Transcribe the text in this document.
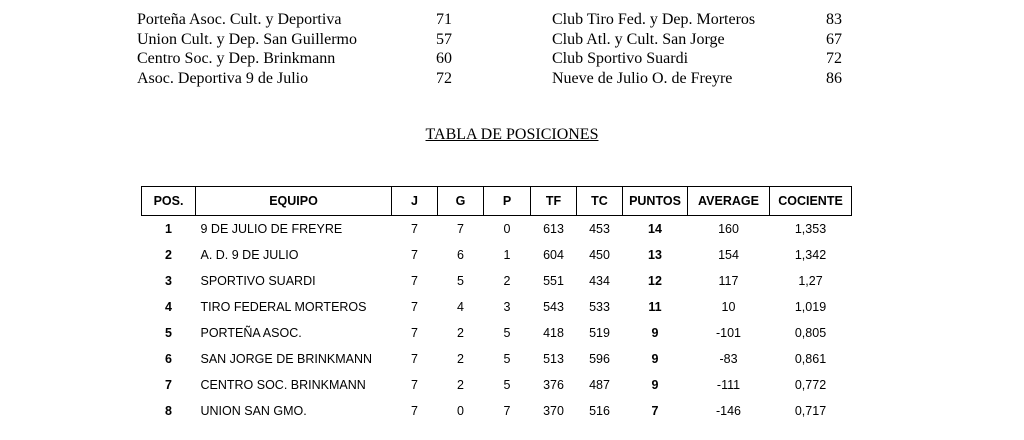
Porteña Asoc. Cult. y Deportiva	71
Union Cult. y Dep. San Guillermo	57
Centro Soc. y Dep. Brinkmann	60
Asoc. Deportiva 9 de Julio	72
Club Tiro Fed. y Dep. Morteros	83
Club Atl. y Cult. San Jorge	67
Club Sportivo Suardi	72
Nueve de Julio O. de Freyre	86
TABLA DE POSICIONES
POS.	EQUIPO	J	G	P	TF	TC	PUNTOS	AVERAGE	COCIENTE
1	9 DE JULIO DE FREYRE	7	7	0	613	453	14	160	1,353
2	A. D. 9 DE JULIO	7	6	1	604	450	13	154	1,342
3	SPORTIVO SUARDI	7	5	2	551	434	12	117	1,27
4	TIRO FEDERAL MORTEROS	7	4	3	543	533	11	10	1,019
5	PORTEÑA ASOC.	7	2	5	418	519	9	-101	0,805
6	SAN JORGE DE BRINKMANN	7	2	5	513	596	9	-83	0,861
7	CENTRO SOC. BRINKMANN	7	2	5	376	487	9	-111	0,772
8	UNION SAN GMO.	7	0	7	370	516	7	-146	0,717
